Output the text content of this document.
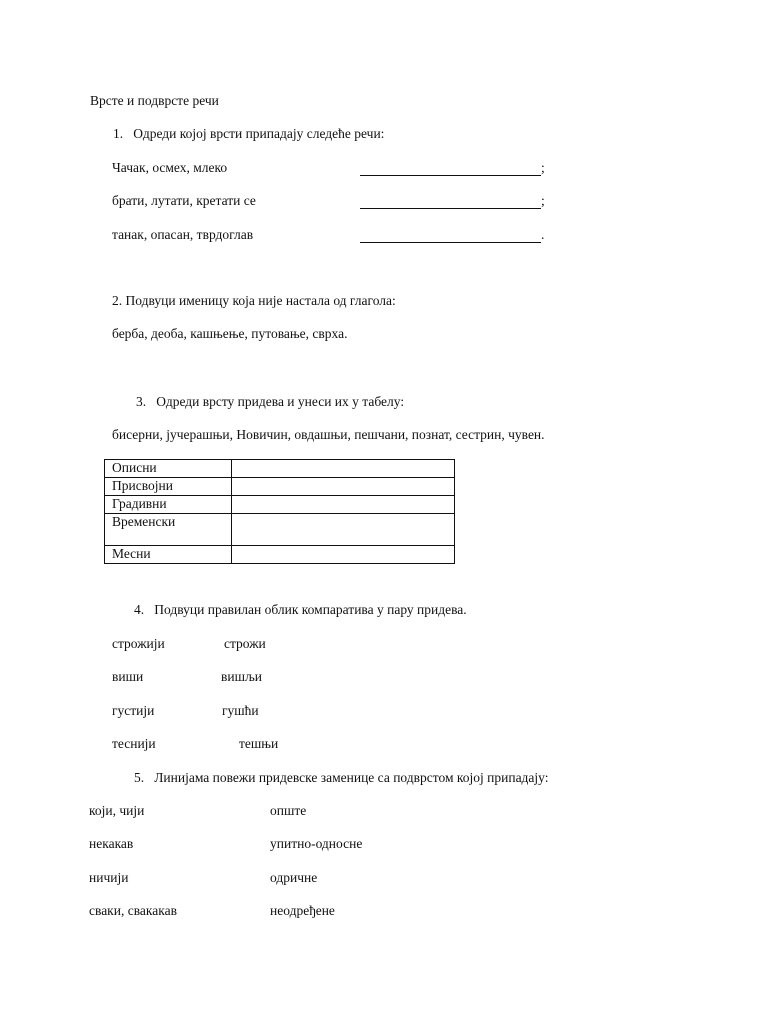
Врсте и подврсте речи
1.   Одреди којој врсти припадају следеће речи:
Чачак, осмех, млеко	;
брати, лутати, кретати се	;
танак, опасан, тврдоглав	.
2. Подвуци именицу која није настала од глагола:
берба, деоба, кашњење, путовање, сврха.
3.   Одреди врсту придева и унеси их у табелу:
бисерни, јучерашњи, Новичин, овдашњи, пешчани, познат, сестрин, чувен.
Описни	
Присвојни	
Градивни	
Временски	
Месни	
4.   Подвуци правилан облик компаратива у пару придева.
строжији	строжи
виши	вишљи
густији	гушћи
теснији	тешњи
5.   Линијама повежи придевске заменице са подврстом којој припадају:
који, чији	опште
некакав	упитно-односне
ничији	одричне
сваки, свакакав	неодређене
